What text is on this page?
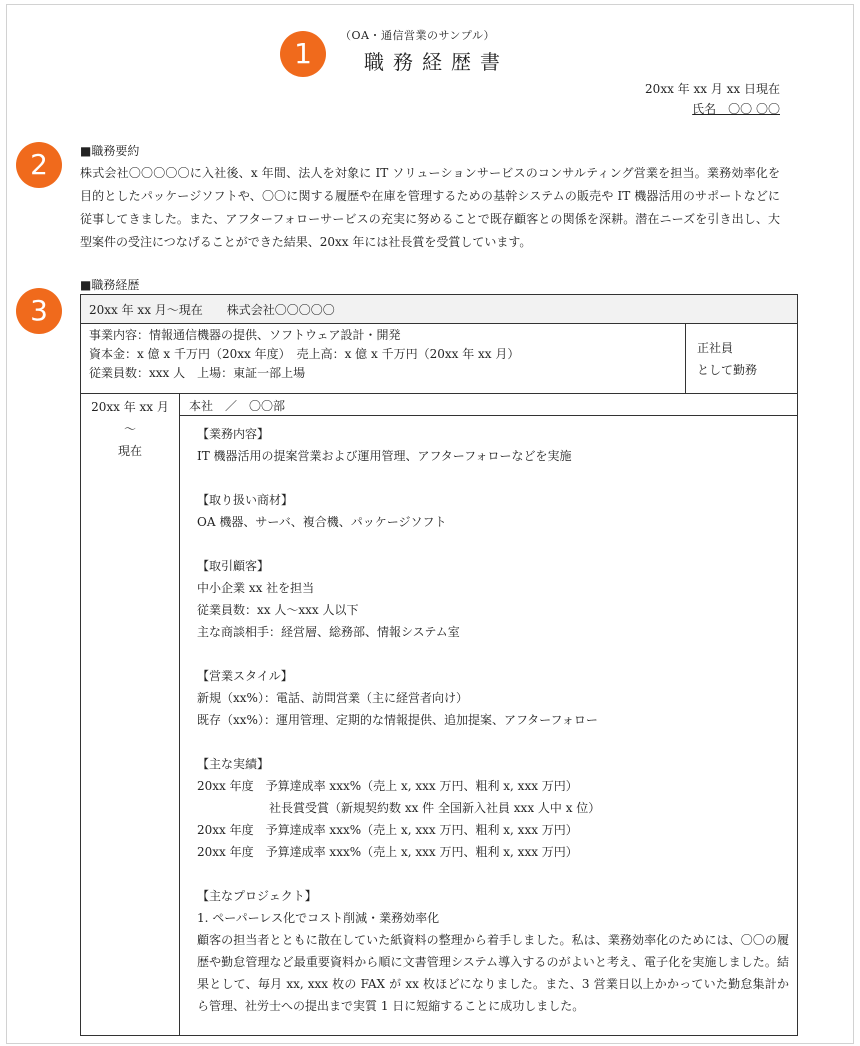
1
2
3
（OA・通信営業のサンプル）
職務経歴書
20xx 年 xx 月 xx 日現在
氏名　〇〇 〇〇
■職務要約

株式会社〇〇〇〇〇に入社後、x 年間、法人を対象に IT ソリューションサービスのコンサルティング営業を担当。業務効率化を目的としたパッケージソフトや、〇〇に関する履歴や在庫を管理するための基幹システムの販売や IT 機器活用のサポートなどに従事してきました。また、アフターフォローサービスの充実に努めることで既存顧客との関係を深耕。潜在ニーズを引き出し、大型案件の受注につなげることができた結果、20xx 年には社長賞を受賞しています。

■職務経歴
20xx 年 xx 月〜現在　　株式会社〇〇〇〇〇
事業内容：情報通信機器の提供、ソフトウェア設計・開発
資本金：x 億 x 千万円（20xx 年度）　売上高：x 億 x 千万円（20xx 年 xx 月）
従業員数：xxx 人　上場：東証一部上場
正社員
として勤務
20xx 年 xx 月
〜
現在
本社　／　〇〇部
【業務内容】
IT 機器活用の提案営業および運用管理、アフターフォローなどを実施
【取り扱い商材】
OA 機器、サーバ、複合機、パッケージソフト
【取引顧客】
中小企業 xx 社を担当
従業員数：xx 人〜xxx 人以下
主な商談相手：経営層、総務部、情報システム室
【営業スタイル】
新規（xx%）：電話、訪問営業（主に経営者向け）
既存（xx%）：運用管理、定期的な情報提供、追加提案、アフターフォロー
【主な実績】
20xx 年度　予算達成率 xxx%（売上 x, xxx 万円、粗利 x, xxx 万円）
社長賞受賞（新規契約数 xx 件 全国新入社員 xxx 人中 x 位）
20xx 年度　予算達成率 xxx%（売上 x, xxx 万円、粗利 x, xxx 万円）
20xx 年度　予算達成率 xxx%（売上 x, xxx 万円、粗利 x, xxx 万円）
【主なプロジェクト】
1. ペーパーレス化でコスト削減・業務効率化

顧客の担当者とともに散在していた紙資料の整理から着手しました。私は、業務効率化のためには、〇〇の履歴や勤怠管理など最重要資料から順に文書管理システム導入するのがよいと考え、電子化を実施しました。結果として、毎月 xx, xxx 枚の FAX が xx 枚ほどになりました。また、3 営業日以上かかっていた勤怠集計から管理、社労士への提出まで実質 1 日に短縮することに成功しました。
